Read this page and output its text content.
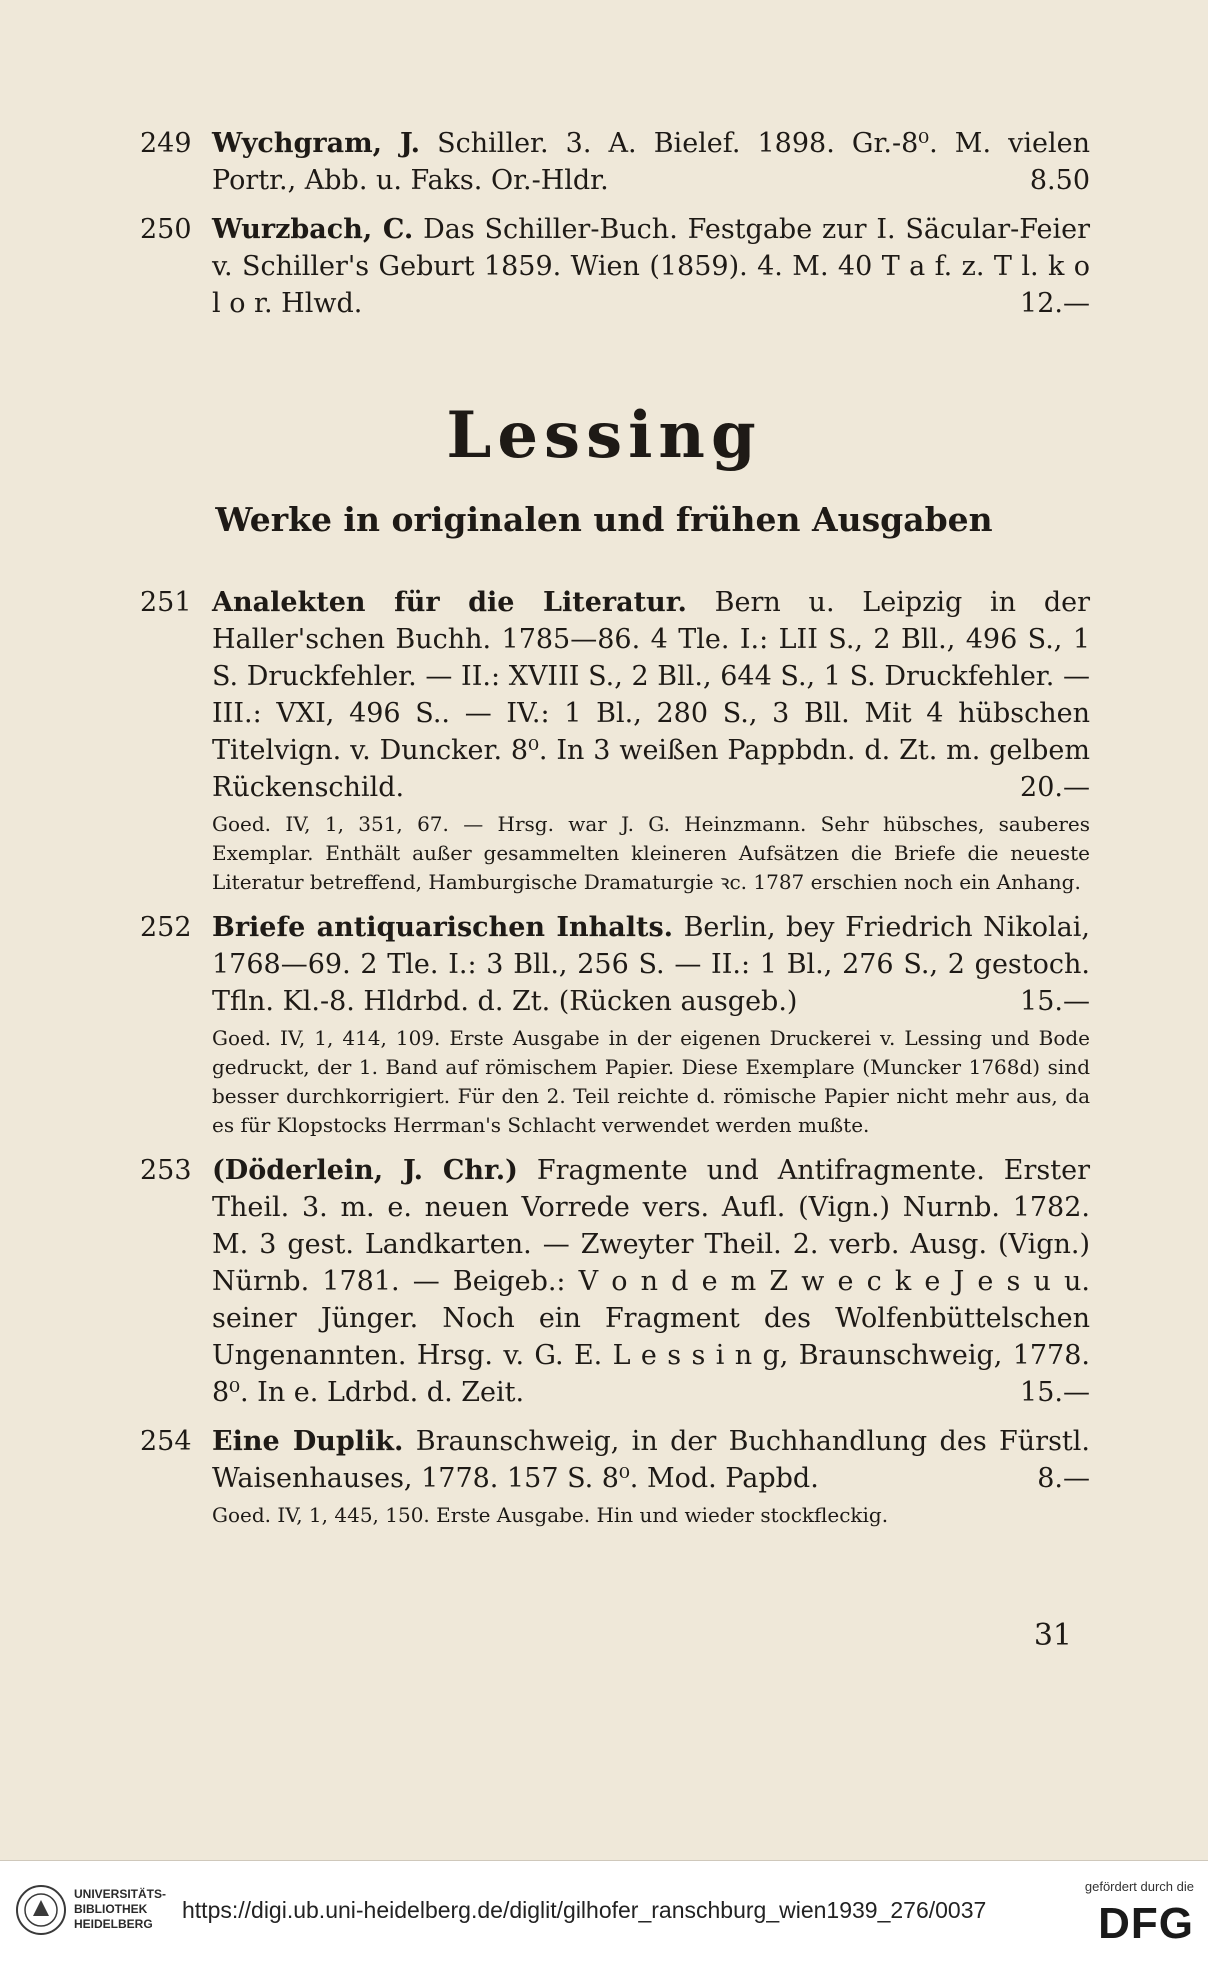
249 Wychgram, J. Schiller. 3. A. Bielef. 1898. Gr.-8⁰. M. vielen Portr., Abb. u. Faks. Or.-Hldr.	8.50
250 Wurzbach, C. Das Schiller-Buch. Festgabe zur I. Säcular-Feier v. Schiller's Geburt 1859. Wien (1859). 4. M. 40 T a f. z. T l. k o l o r. Hlwd.	12.—
Lessing
Werke in originalen und frühen Ausgaben
251 Analekten für die Literatur. Bern u. Leipzig in der Haller'schen Buchh. 1785—86. 4 Tle. I.: LII S., 2 Bll., 496 S., 1 S. Druckfehler. — II.: XVIII S., 2 Bll., 644 S., 1 S. Druckfehler. — III.: VXI, 496 S.. — IV.: 1 Bl., 280 S., 3 Bll. Mit 4 hübschen Titelvign. v. Duncker. 8⁰. In 3 weißen Pappbdn. d. Zt. m. gelbem Rückenschild.	20.—
Goed. IV, 1, 351, 67. — Hrsg. war J. G. Heinzmann. Sehr hübsches, sauberes Exemplar. Enthält außer gesammelten kleineren Aufsätzen die Briefe die neueste Literatur betreffend, Hamburgische Dramaturgie ꝛc. 1787 erschien noch ein Anhang.
252 Briefe antiquarischen Inhalts. Berlin, bey Friedrich Nikolai, 1768—69. 2 Tle. I.: 3 Bll., 256 S. — II.: 1 Bl., 276 S., 2 gestoch. Tfln. Kl.-8. Hldrbd. d. Zt. (Rücken ausgeb.)	15.—
Goed. IV, 1, 414, 109. Erste Ausgabe in der eigenen Druckerei v. Lessing und Bode gedruckt, der 1. Band auf römischem Papier. Diese Exemplare (Muncker 1768d) sind besser durchkorrigiert. Für den 2. Teil reichte d. römische Papier nicht mehr aus, da es für Klopstocks Herrman's Schlacht verwendet werden mußte.
253 (Döderlein, J. Chr.) Fragmente und Antifragmente. Erster Theil. 3. m. e. neuen Vorrede vers. Aufl. (Vign.) Nurnb. 1782. M. 3 gest. Landkarten. — Zweyter Theil. 2. verb. Ausg. (Vign.) Nürnb. 1781. — Beigeb.: V o n d e m Z w e c k e J e s u u. seiner Jünger. Noch ein Fragment des Wolfenbüttelschen Ungenannten. Hrsg. v. G. E. L e s s i n g, Braunschweig, 1778. 8⁰. In e. Ldrbd. d. Zeit.	15.—
254 Eine Duplik. Braunschweig, in der Buchhandlung des Fürstl. Waisenhauses, 1778. 157 S. 8⁰. Mod. Papbd.	8.—
Goed. IV, 1, 445, 150. Erste Ausgabe. Hin und wieder stockfleckig.
31
UNIVERSITÄTS-
BIBLIOTHEK
HEIDELBERG
https://digi.ub.uni-heidelberg.de/diglit/gilhofer_ranschburg_wien1939_276/0037
gefördert durch die
DFG
